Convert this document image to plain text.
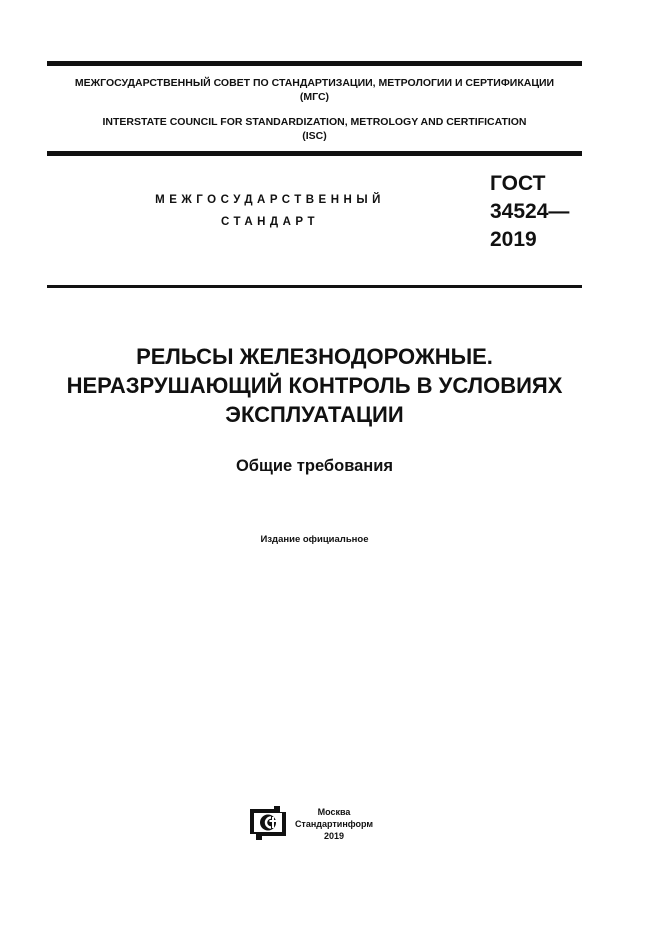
МЕЖГОСУДАРСТВЕННЫЙ СОВЕТ ПО СТАНДАРТИЗАЦИИ, МЕТРОЛОГИИ И СЕРТИФИКАЦИИ
(МГС)
INTERSTATE COUNCIL FOR STANDARDIZATION, METROLOGY AND CERTIFICATION
(ISC)
МЕЖГОСУДАРСТВЕННЫЙ
СТАНДАРТ
ГОСТ
34524—
2019
РЕЛЬСЫ ЖЕЛЕЗНОДОРОЖНЫЕ.
НЕРАЗРУШАЮЩИЙ КОНТРОЛЬ В УСЛОВИЯХ
ЭКСПЛУАТАЦИИ
Общие требования
Издание официальное
Москва
Стандартинформ
2019
